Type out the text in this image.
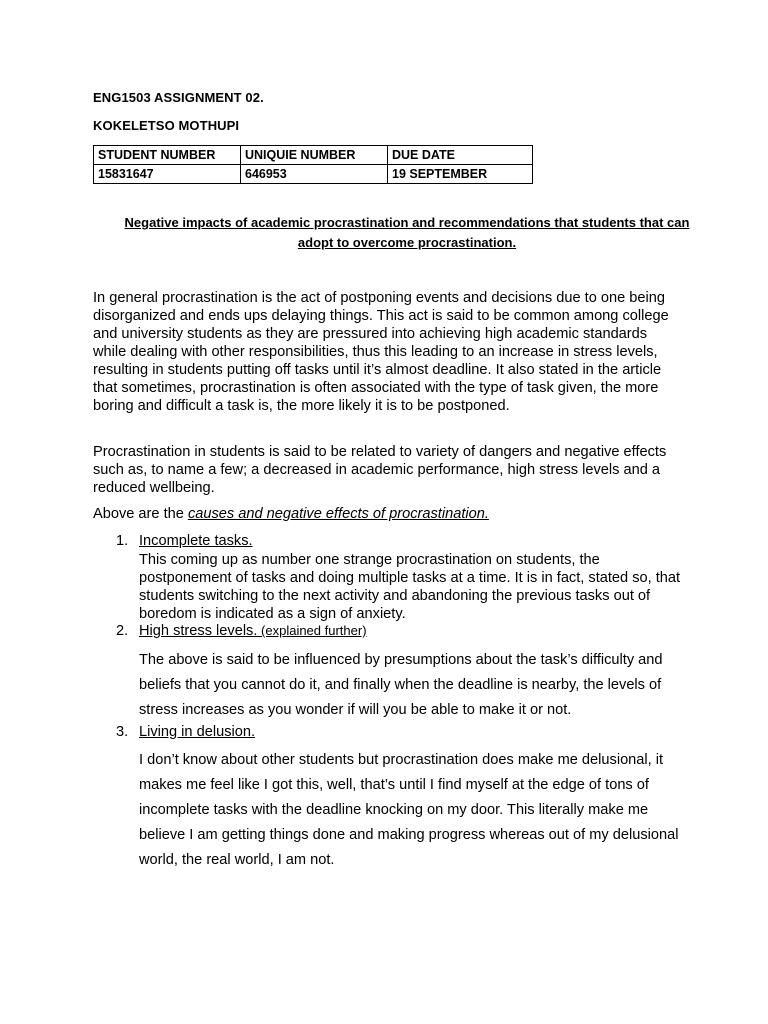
ENG1503 ASSIGNMENT 02.
KOKELETSO MOTHUPI
STUDENT NUMBER	UNIQUIE NUMBER	DUE DATE
15831647	646953	19 SEPTEMBER
Negative impacts of academic procrastination and recommendations that students that can adopt to overcome procrastination.

In general procrastination is the act of postponing events and decisions due to one being disorganized and ends ups delaying things. This act is said to be common among college and university students as they are pressured into achieving high academic standards while dealing with other responsibilities, thus this leading to an increase in stress levels, resulting in students putting off tasks until it’s almost deadline. It also stated in the article that sometimes, procrastination is often associated with the type of task given, the more boring and difficult a task is, the more likely it is to be postponed.

Procrastination in students is said to be related to variety of dangers and negative effects such as, to name a few; a decreased in academic performance, high stress levels and a reduced wellbeing.

Above are the causes and negative effects of procrastination.

1. Incomplete tasks.

This coming up as number one strange procrastination on students, the postponement of tasks and doing multiple tasks at a time. It is in fact, stated so, that students switching to the next activity and abandoning the previous tasks out of boredom is indicated as a sign of anxiety.

2. High stress levels. (explained further)

The above is said to be influenced by presumptions about the task’s difficulty and beliefs that you cannot do it, and finally when the deadline is nearby, the levels of stress increases as you wonder if will you be able to make it or not.

3. Living in delusion.

I don’t know about other students but procrastination does make me delusional, it makes me feel like I got this, well, that’s until I find myself at the edge of tons of incomplete tasks with the deadline knocking on my door. This literally make me believe I am getting things done and making progress whereas out of my delusional world, the real world, I am not.
